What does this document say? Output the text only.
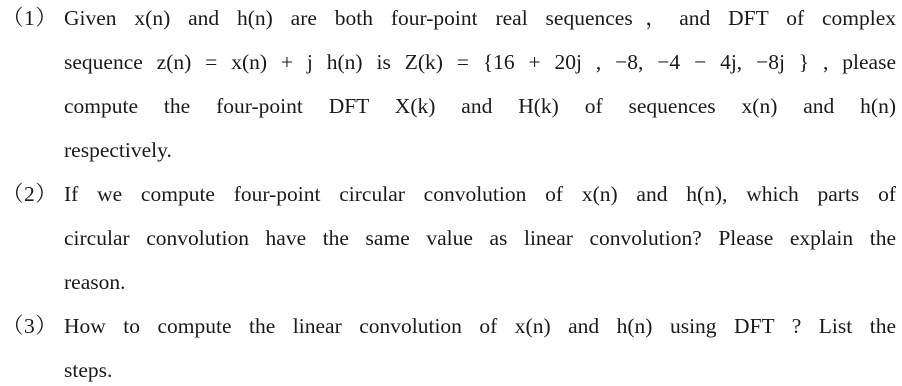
（1） Given x(n) and h(n) are both four-point real sequences，and DFT of complex
sequence z(n) = x(n) + j h(n) is Z(k) = {16 + 20j , −8, −4 − 4j, −8j } , please
compute the four-point DFT X(k) and H(k) of sequences x(n) and h(n)
respectively.
（2） If we compute four-point circular convolution of x(n) and h(n), which parts of
circular convolution have the same value as linear convolution? Please explain the
reason.
（3） How to compute the linear convolution of x(n) and h(n) using DFT ? List the
steps.
